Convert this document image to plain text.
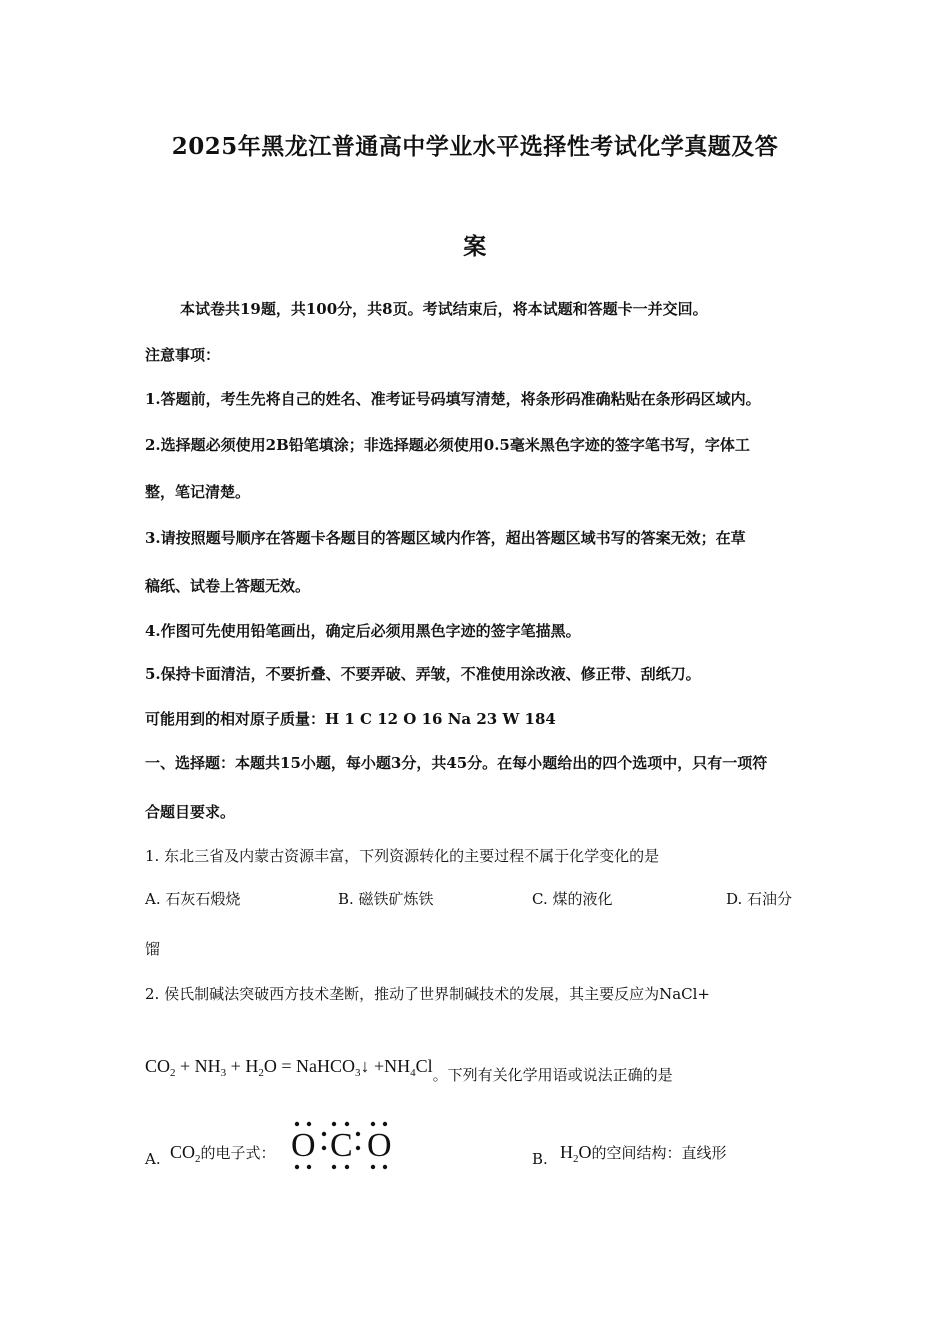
2025年黑龙江普通高中学业水平选择性考试化学真题及答
案
本试卷共19题，共100分，共8页。考试结束后，将本试题和答题卡一并交回。
注意事项：
1.答题前，考生先将自己的姓名、准考证号码填写清楚，将条形码准确粘贴在条形码区域内。
2.选择题必须使用2B铅笔填涂；非选择题必须使用0.5毫米黑色字迹的签字笔书写，字体工
整，笔记清楚。
3.请按照题号顺序在答题卡各题目的答题区域内作答，超出答题区域书写的答案无效；在草
稿纸、试卷上答题无效。
4.作图可先使用铅笔画出，确定后必须用黑色字迹的签字笔描黑。
5.保持卡面清洁，不要折叠、不要弄破、弄皱，不准使用涂改液、修正带、刮纸刀。
可能用到的相对原子质量：H 1 C 12 O 16 Na 23 W 184
一、选择题：本题共15小题，每小题3分，共45分。在每小题给出的四个选项中，只有一项符
合题目要求。
1. 东北三省及内蒙古资源丰富，下列资源转化的主要过程不属于化学变化的是
A. 石灰石煅烧	B. 磁铁矿炼铁	C. 煤的液化	D. 石油分
馏
2. 侯氏制碱法突破西方技术垄断，推动了世界制碱技术的发展，其主要反应为NaCl+
$CO_2 + NH_3 + H_2O$ = NaHCO$_3$↓ $+NH_4Cl$。下列有关化学用语或说法正确的是
A. $CO_2$的电子式： O C O	B. $H_2O$的空间结构：直线形
